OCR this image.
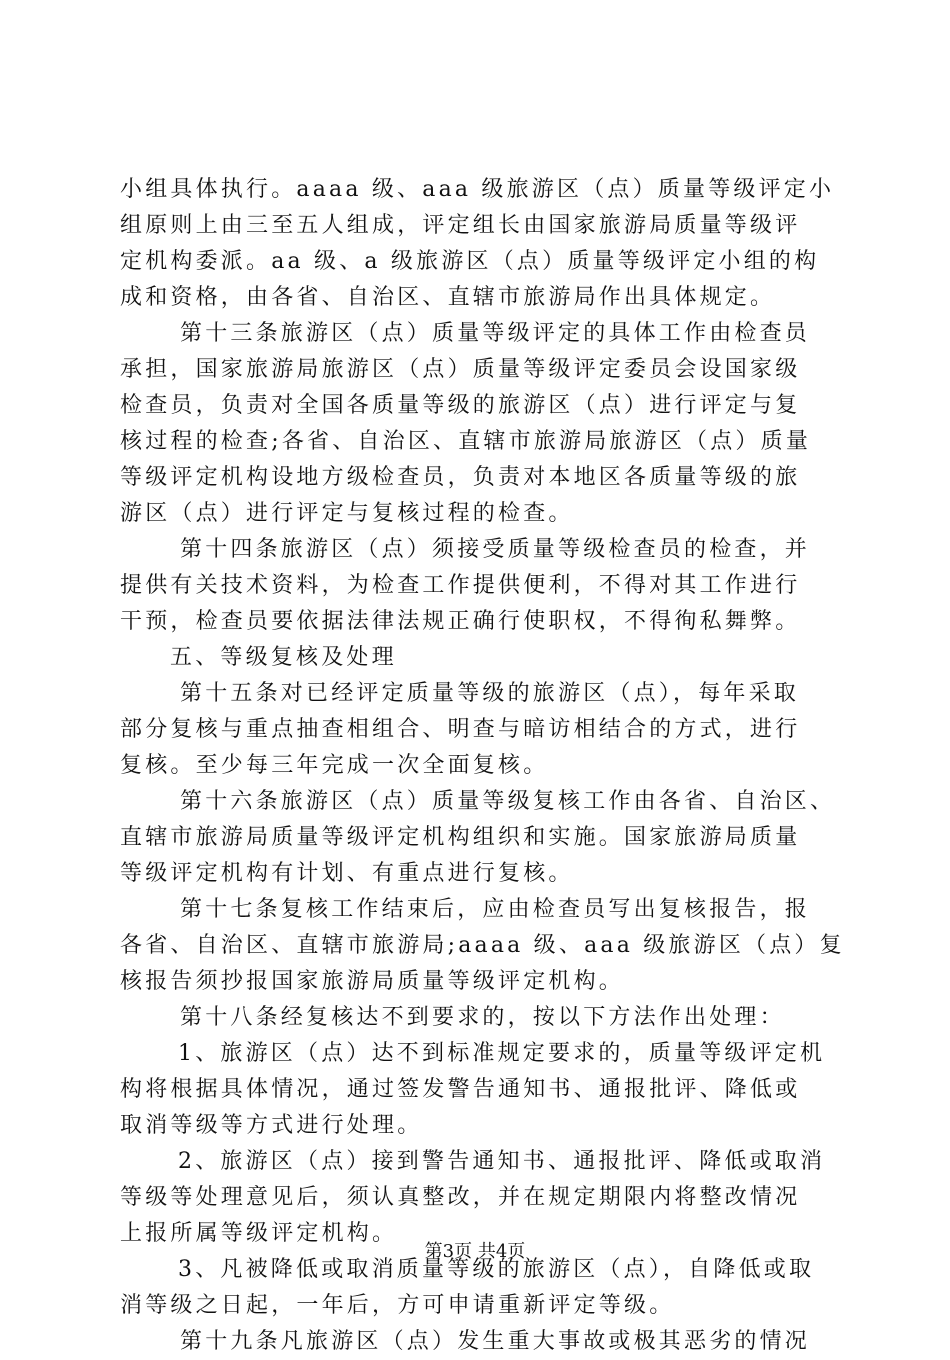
小组具体执行。aaaa 级、aaa 级旅游区（点）质量等级评定小
组原则上由三至五人组成，评定组长由国家旅游局质量等级评
定机构委派。aa 级、a 级旅游区（点）质量等级评定小组的构
成和资格，由各省、自治区、直辖市旅游局作出具体规定。
第十三条旅游区（点）质量等级评定的具体工作由检查员
承担，国家旅游局旅游区（点）质量等级评定委员会设国家级
检查员，负责对全国各质量等级的旅游区（点）进行评定与复
核过程的检查;各省、自治区、直辖市旅游局旅游区（点）质量
等级评定机构设地方级检查员，负责对本地区各质量等级的旅
游区（点）进行评定与复核过程的检查。
第十四条旅游区（点）须接受质量等级检查员的检查，并
提供有关技术资料，为检查工作提供便利，不得对其工作进行
干预，检查员要依据法律法规正确行使职权，不得徇私舞弊。
五、等级复核及处理
第十五条对已经评定质量等级的旅游区（点），每年采取
部分复核与重点抽查相组合、明查与暗访相结合的方式，进行
复核。至少每三年完成一次全面复核。
第十六条旅游区（点）质量等级复核工作由各省、自治区、
直辖市旅游局质量等级评定机构组织和实施。国家旅游局质量
等级评定机构有计划、有重点进行复核。
第十七条复核工作结束后，应由检查员写出复核报告，报
各省、自治区、直辖市旅游局;aaaa 级、aaa 级旅游区（点）复
核报告须抄报国家旅游局质量等级评定机构。
第十八条经复核达不到要求的，按以下方法作出处理：
1、旅游区（点）达不到标准规定要求的，质量等级评定机
构将根据具体情况，通过签发警告通知书、通报批评、降低或
取消等级等方式进行处理。
2、旅游区（点）接到警告通知书、通报批评、降低或取消
等级等处理意见后，须认真整改，并在规定期限内将整改情况
上报所属等级评定机构。
3、凡被降低或取消质量等级的旅游区（点），自降低或取
消等级之日起，一年后，方可申请重新评定等级。
第十九条凡旅游区（点）发生重大事故或极其恶劣的情况
第3页 共4页
